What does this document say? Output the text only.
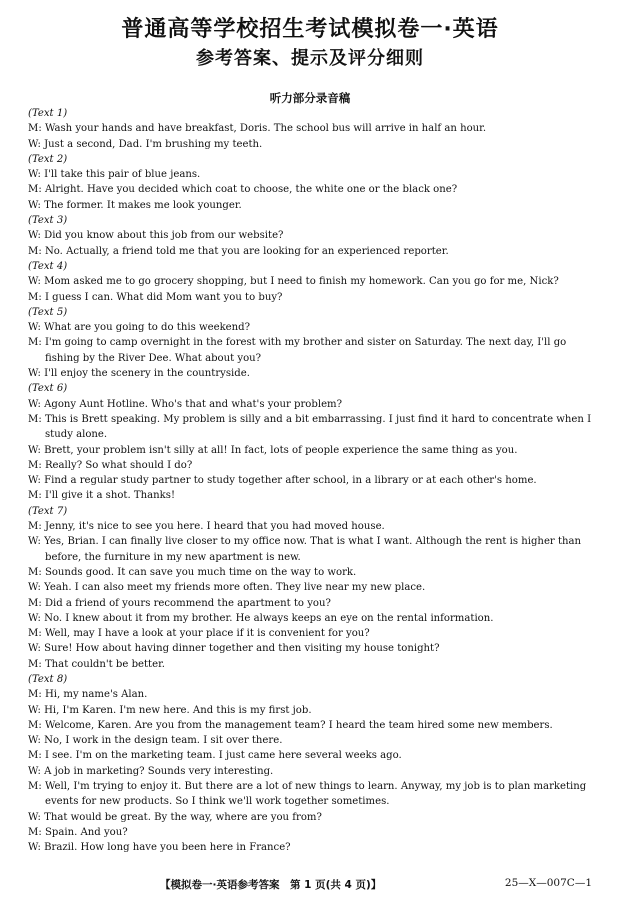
普通高等学校招生考试模拟卷一·英语
参考答案、提示及评分细则
听力部分录音稿
(Text 1)
M: Wash your hands and have breakfast, Doris. The school bus will arrive in half an hour.
W: Just a second, Dad. I'm brushing my teeth.
(Text 2)
W: I'll take this pair of blue jeans.
M: Alright. Have you decided which coat to choose, the white one or the black one?
W: The former. It makes me look younger.
(Text 3)
W: Did you know about this job from our website?
M: No. Actually, a friend told me that you are looking for an experienced reporter.
(Text 4)
W: Mom asked me to go grocery shopping, but I need to finish my homework. Can you go for me, Nick?
M: I guess I can. What did Mom want you to buy?
(Text 5)
W: What are you going to do this weekend?
M: I'm going to camp overnight in the forest with my brother and sister on Saturday. The next day, I'll go
fishing by the River Dee. What about you?
W: I'll enjoy the scenery in the countryside.
(Text 6)
W: Agony Aunt Hotline. Who's that and what's your problem?
M: This is Brett speaking. My problem is silly and a bit embarrassing. I just find it hard to concentrate when I
study alone.
W: Brett, your problem isn't silly at all! In fact, lots of people experience the same thing as you.
M: Really? So what should I do?
W: Find a regular study partner to study together after school, in a library or at each other's home.
M: I'll give it a shot. Thanks!
(Text 7)
M: Jenny, it's nice to see you here. I heard that you had moved house.
W: Yes, Brian. I can finally live closer to my office now. That is what I want. Although the rent is higher than
before, the furniture in my new apartment is new.
M: Sounds good. It can save you much time on the way to work.
W: Yeah. I can also meet my friends more often. They live near my new place.
M: Did a friend of yours recommend the apartment to you?
W: No. I knew about it from my brother. He always keeps an eye on the rental information.
M: Well, may I have a look at your place if it is convenient for you?
W: Sure! How about having dinner together and then visiting my house tonight?
M: That couldn't be better.
(Text 8)
M: Hi, my name's Alan.
W: Hi, I'm Karen. I'm new here. And this is my first job.
M: Welcome, Karen. Are you from the management team? I heard the team hired some new members.
W: No, I work in the design team. I sit over there.
M: I see. I'm on the marketing team. I just came here several weeks ago.
W: A job in marketing? Sounds very interesting.
M: Well, I'm trying to enjoy it. But there are a lot of new things to learn. Anyway, my job is to plan marketing
events for new products. So I think we'll work together sometimes.
W: That would be great. By the way, where are you from?
M: Spain. And you?
W: Brazil. How long have you been here in France?
【模拟卷一·英语参考答案　第 1 页(共 4 页)】	25—X—007C—1
